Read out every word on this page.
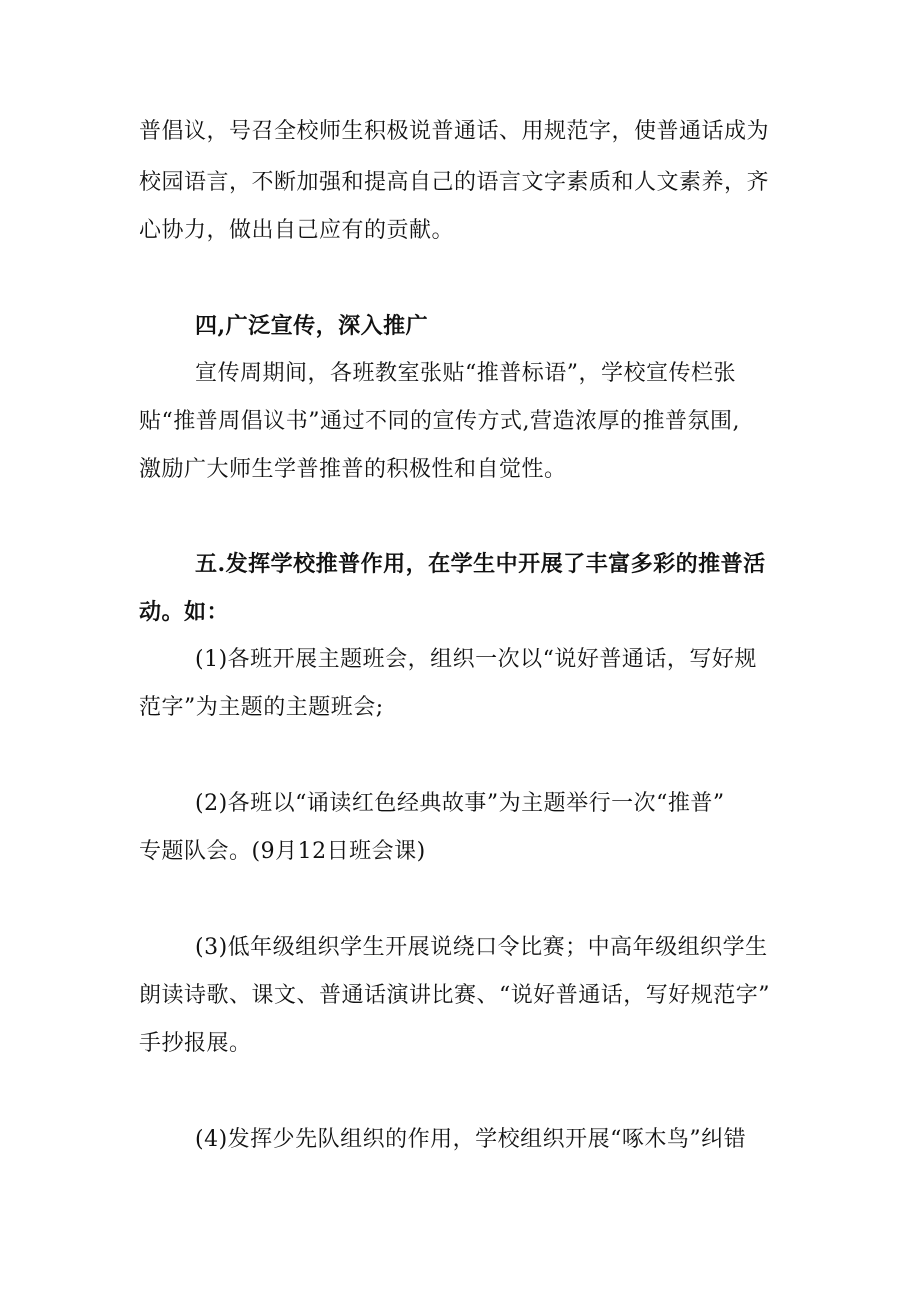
普倡议，号召全校师生积极说普通话、用规范字，使普通话成为
校园语言，不断加强和提高自己的语言文字素质和人文素养，齐
心协力，做出自己应有的贡献。
四,广泛宣传，深入推广
宣传周期间，各班教室张贴“推普标语”，学校宣传栏张
贴“推普周倡议书”通过不同的宣传方式,营造浓厚的推普氛围,
激励广大师生学普推普的积极性和自觉性。
五.发挥学校推普作用，在学生中开展了丰富多彩的推普活
动。如：
(1)各班开展主题班会，组织一次以“说好普通话，写好规
范字”为主题的主题班会;
(2)各班以“诵读红色经典故事”为主题举行一次“推普”
专题队会。(9月12日班会课)
(3)低年级组织学生开展说绕口令比赛；中高年级组织学生
朗读诗歌、课文、普通话演讲比赛、“说好普通话，写好规范字”
手抄报展。
(4)发挥少先队组织的作用，学校组织开展“啄木鸟”纠错
